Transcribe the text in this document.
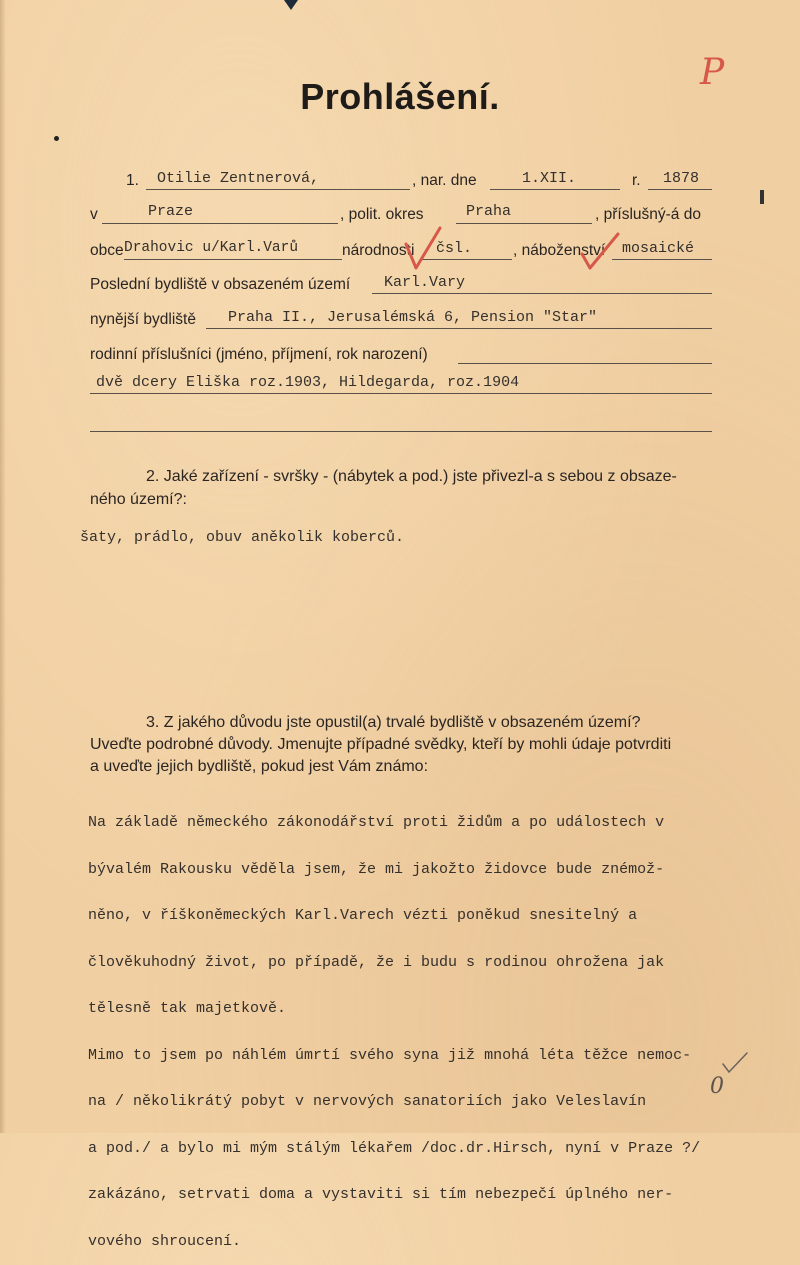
Prohlášení.
P
1. Otilie Zentnerová,	, nar. dne	1.XII.	r. 1878
v	Praze	, polit. okres	Praha	, příslušný-á do
obce Drahovic u/Karl.Varů	národnosti čsl.	, náboženství mosaické
Poslední bydliště v obsazeném území Karl.Vary
nynější bydliště Praha II., Jerusalémská 6, Pension "Star"
rodinní příslušníci (jméno, příjmení, rok narození)
dvě dcery Eliška roz.1903, Hildegarda, roz.1904
2. Jaké zařízení - svršky - (nábytek a pod.) jste přivezl-a s sebou z obsaze-
ného území?:
šaty, prádlo, obuv aněkolik koberců.
3. Z jakého důvodu jste opustil(a) trvalé bydliště v obsazeném území?
Uveďte podrobné důvody. Jmenujte případné svědky, kteří by mohli údaje potvrditi
a uveďte jejich bydliště, pokud jest Vám známo:

Na základě německého zákonodářství proti židům a po událostech v

bývalém Rakousku věděla jsem, že mi jakožto židovce bude znémož-

něno, v říškoněmeckých Karl.Varech vézti poněkud snesitelný a

člověkuhodný život, po případě, že i budu s rodinou ohrožena jak

tělesně tak majetkově.

Mimo to jsem po náhlém úmrtí svého syna již mnohá léta těžce nemoc-

na / několikrátý pobyt v nervových sanatoriích jako Veleslavín

a pod./ a bylo mi mým stálým lékařem /doc.dr.Hirsch, nyní v Praze ?/

zakázáno, setrvati doma a vystaviti si tím nebezpečí úplného ner-

vového shroucení.

0
